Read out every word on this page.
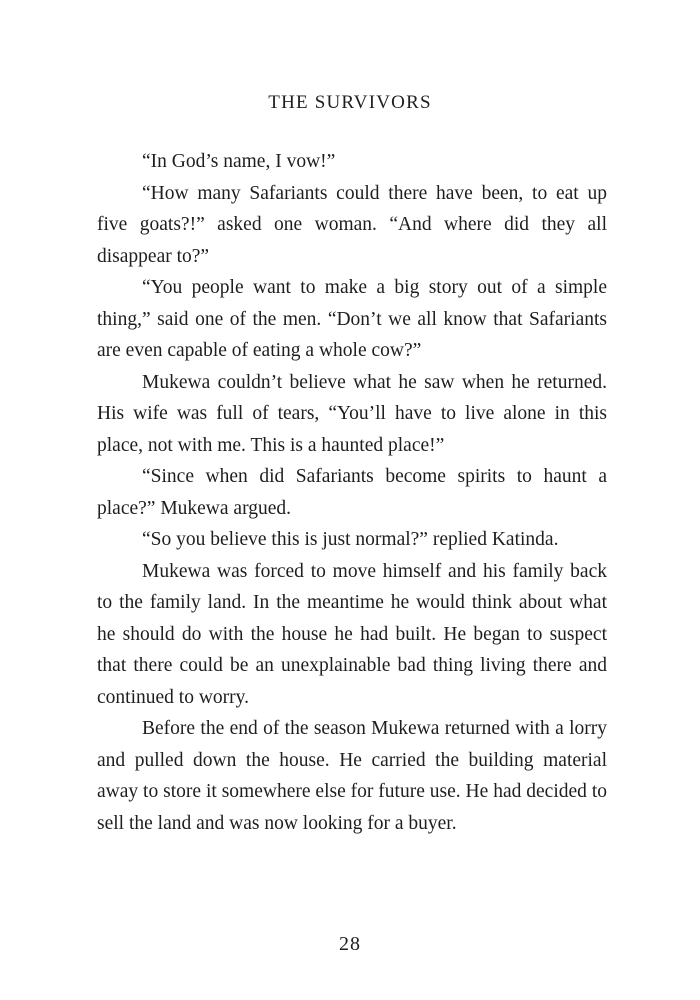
THE SURVIVORS

“In God’s name, I vow!”

“How many Safariants could there have been, to eat up five goats?!” asked one woman. “And where did they all disappear to?”

“You people want to make a big story out of a simple thing,” said one of the men. “Don’t we all know that Safariants are even capable of eating a whole cow?”

Mukewa couldn’t believe what he saw when he returned. His wife was full of tears, “You’ll have to live alone in this place, not with me. This is a haunted place!”

“Since when did Safariants become spirits to haunt a place?” Mukewa argued.

“So you believe this is just normal?” replied Katinda.

Mukewa was forced to move himself and his family back to the family land. In the meantime he would think about what he should do with the house he had built. He began to suspect that there could be an unexplainable bad thing living there and continued to worry.

Before the end of the season Mukewa returned with a lorry and pulled down the house. He carried the building material away to store it somewhere else for future use. He had decided to sell the land and was now looking for a buyer.

28
